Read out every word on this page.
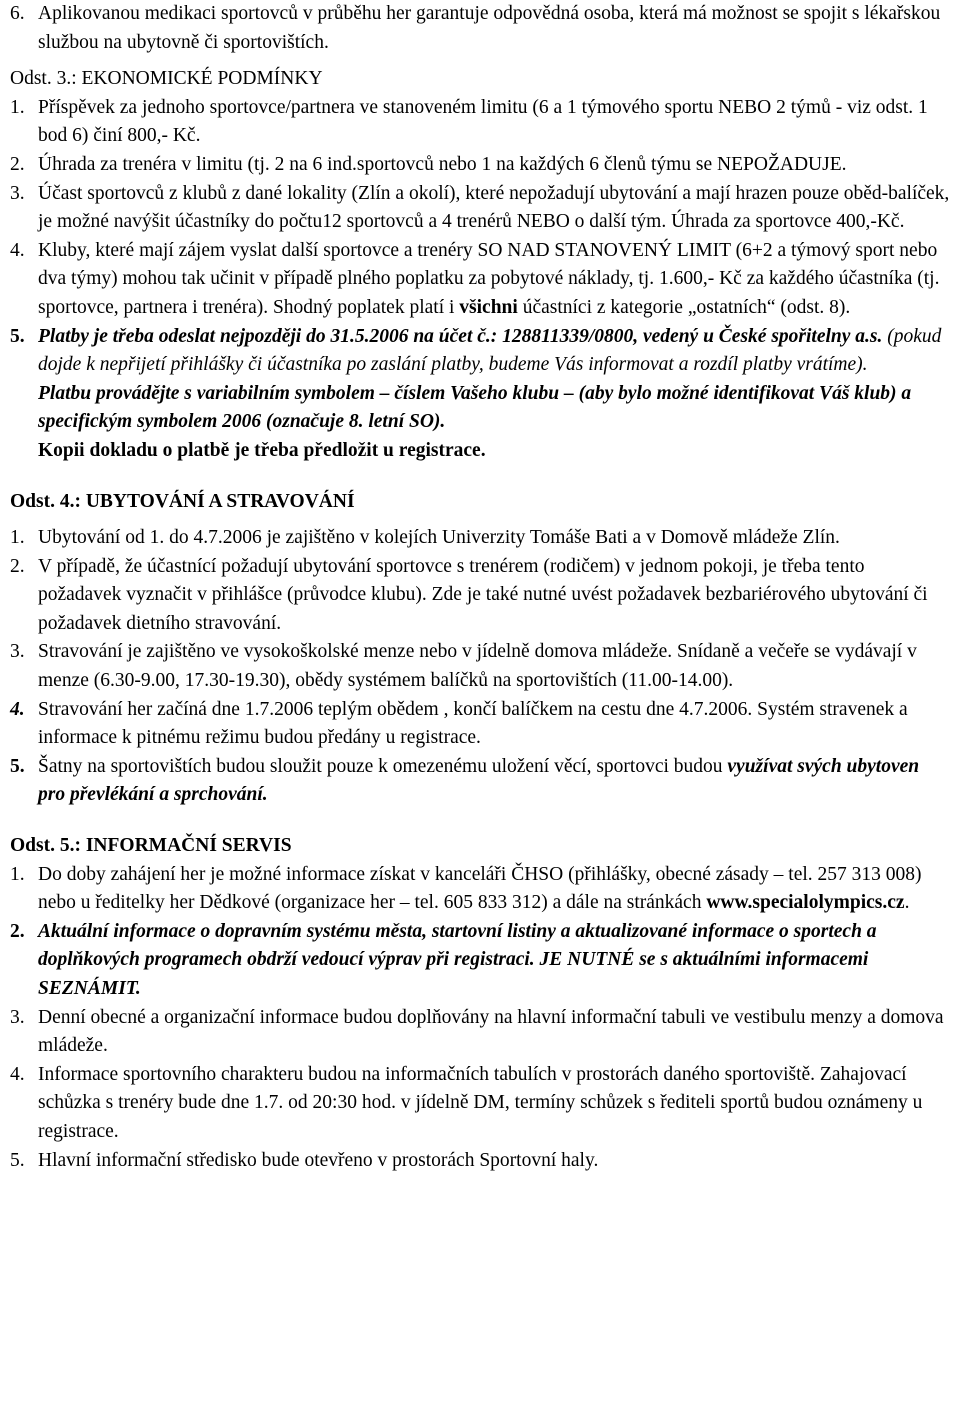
6. Aplikovanou medikaci sportovců v průběhu her garantuje odpovědná osoba, která má možnost se spojit s lékařskou službou na ubytovně či sportovištích.

Odst. 3.: EKONOMICKÉ PODMÍNKY

1. Příspěvek za jednoho sportovce/partnera ve stanoveném limitu (6 a 1 týmového sportu NEBO 2 týmů - viz odst. 1 bod 6) činí 800,- Kč.

2. Úhrada za trenéra v limitu (tj. 2 na 6 ind.sportovců nebo 1 na každých 6 členů týmu se NEPOŽADUJE.

3. Účast sportovců z klubů z dané lokality (Zlín a okolí), které nepožadují ubytování a mají hrazen pouze oběd-balíček, je možné navýšit účastníky do počtu12 sportovců a 4 trenérů NEBO o další tým. Úhrada za sportovce 400,-Kč.

4. Kluby, které mají zájem vyslat další sportovce a trenéry SO NAD STANOVENÝ LIMIT (6+2 a týmový sport nebo dva týmy) mohou tak učinit v případě plného poplatku za pobytové náklady, tj. 1.600,- Kč za každého účastníka (tj. sportovce, partnera i trenéra). Shodný poplatek platí i všichni účastníci z kategorie „ostatních“ (odst. 8).

5. Platby je třeba odeslat nejpozději do 31.5.2006 na účet č.: 128811339/0800, vedený u České spořitelny a.s. (pokud dojde k nepřijetí přihlášky či účastníka po zaslání platby, budeme Vás informovat a rozdíl platby vrátíme).
Platbu provádějte s variabilním symbolem – číslem Vašeho klubu – (aby bylo možné identifikovat Váš klub) a specifickým symbolem 2006 (označuje 8. letní SO).
Kopii dokladu o platbě je třeba předložit u registrace.

Odst. 4.: UBYTOVÁNÍ A STRAVOVÁNÍ

1. Ubytování od 1. do 4.7.2006 je zajištěno v kolejích Univerzity Tomáše Bati a v Domově mládeže Zlín.

2. V případě, že účastnící požadují ubytování sportovce s trenérem (rodičem) v jednom pokoji, je třeba tento požadavek vyznačit v přihlášce (průvodce klubu). Zde je také nutné uvést požadavek bezbariérového ubytování či požadavek dietního stravování.

3. Stravování je zajištěno ve vysokoškolské menze nebo v jídelně domova mládeže. Snídaně a večeře se vydávají v menze (6.30-9.00, 17.30-19.30), obědy systémem balíčků na sportovištích (11.00-14.00).

4. Stravování her začíná dne 1.7.2006 teplým obědem , končí balíčkem na cestu dne 4.7.2006. Systém stravenek a informace k pitnému režimu budou předány u registrace.

5. Šatny na sportovištích budou sloužit pouze k omezenému uložení věcí, sportovci budou využívat svých ubytoven pro převlékání a sprchování.

Odst. 5.: INFORMAČNÍ SERVIS

1. Do doby zahájení her je možné informace získat v kanceláři ČHSO (přihlášky, obecné zásady – tel. 257 313 008) nebo u ředitelky her Dědkové (organizace her – tel. 605 833 312) a dále na stránkách www.specialolympics.cz.

2. Aktuální informace o dopravním systému města, startovní listiny a aktualizované informace o sportech a doplňkových programech obdrží vedoucí výprav při registraci. JE NUTNÉ se s aktuálními informacemi SEZNÁMIT.

3. Denní obecné a organizační informace budou doplňovány na hlavní informační tabuli ve vestibulu menzy a domova mládeže.

4. Informace sportovního charakteru budou na informačních tabulích v prostorách daného sportoviště. Zahajovací schůzka s trenéry bude dne 1.7. od 20:30 hod. v jídelně DM, termíny schůzek s řediteli sportů budou oznámeny u registrace.

5. Hlavní informační středisko bude otevřeno v prostorách Sportovní haly.
